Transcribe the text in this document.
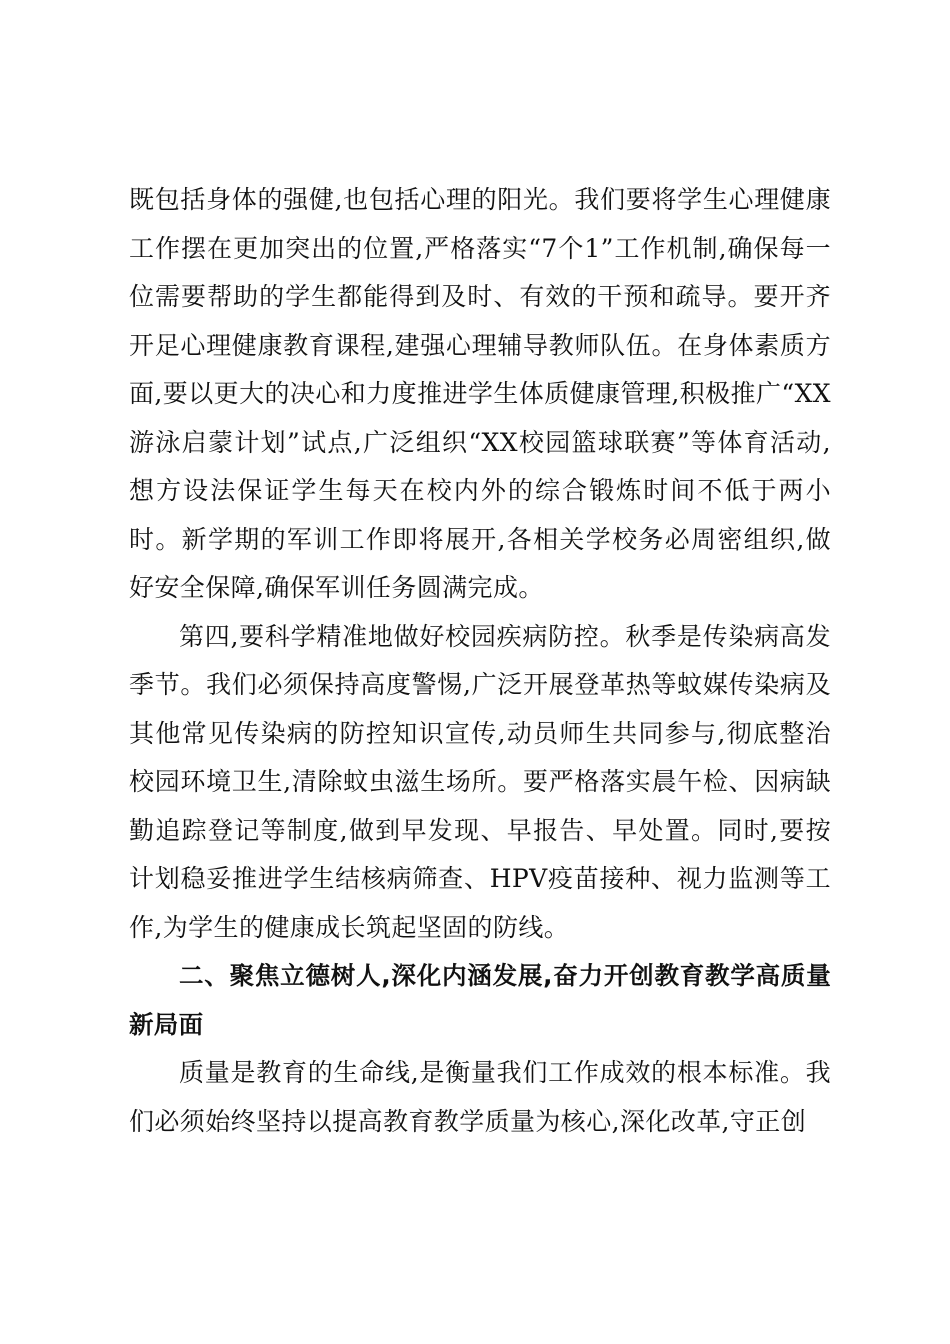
既包括身体的强健,也包括心理的阳光。我们要将学生心理健康工作摆在更加突出的位置,严格落实“7个1”工作机制,确保每一位需要帮助的学生都能得到及时、有效的干预和疏导。要开齐开足心理健康教育课程,建强心理辅导教师队伍。在身体素质方面,要以更大的决心和力度推进学生体质健康管理,积极推广“XX游泳启蒙计划”试点,广泛组织“XX校园篮球联赛”等体育活动,想方设法保证学生每天在校内外的综合锻炼时间不低于两小时。新学期的军训工作即将展开,各相关学校务必周密组织,做好安全保障,确保军训任务圆满完成。

第四,要科学精准地做好校园疾病防控。秋季是传染病高发季节。我们必须保持高度警惕,广泛开展登革热等蚊媒传染病及其他常见传染病的防控知识宣传,动员师生共同参与,彻底整治校园环境卫生,清除蚊虫滋生场所。要严格落实晨午检、因病缺勤追踪登记等制度,做到早发现、早报告、早处置。同时,要按计划稳妥推进学生结核病筛查、HPV疫苗接种、视力监测等工作,为学生的健康成长筑起坚固的防线。

二、聚焦立德树人,深化内涵发展,奋力开创教育教学高质量新局面

质量是教育的生命线,是衡量我们工作成效的根本标准。我们必须始终坚持以提高教育教学质量为核心,深化改革,守正创
